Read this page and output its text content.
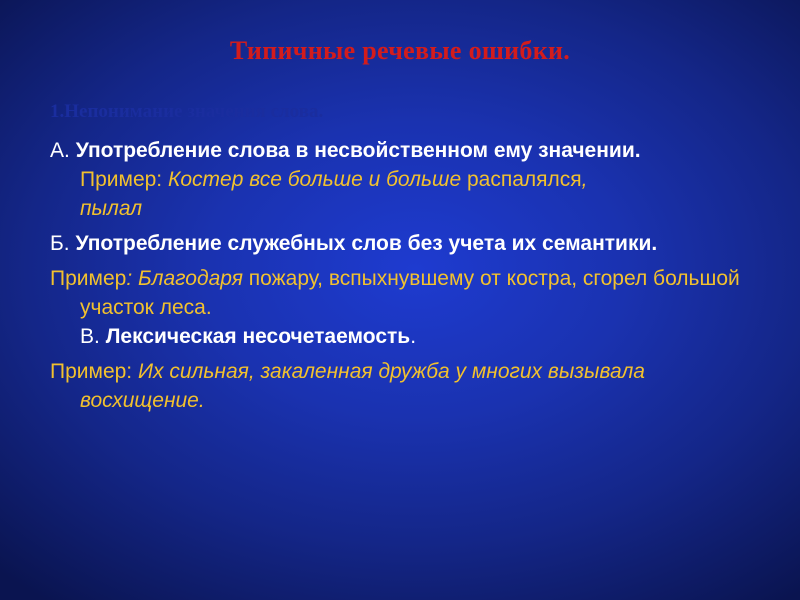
Типичные речевые ошибки.
1.Непонимание значения слова.
А. Употребление слова в несвойственном ему значении.
Пример: Костер все больше и больше распалялся,
пылал
Б. Употребление служебных слов без учета их семантики.
Пример: Благодаря пожару, вспыхнувшему от костра, сгорел большой участок леса.
В. Лексическая несочетаемость.
Пример: Их сильная, закаленная дружба у многих вызывала восхищение.
